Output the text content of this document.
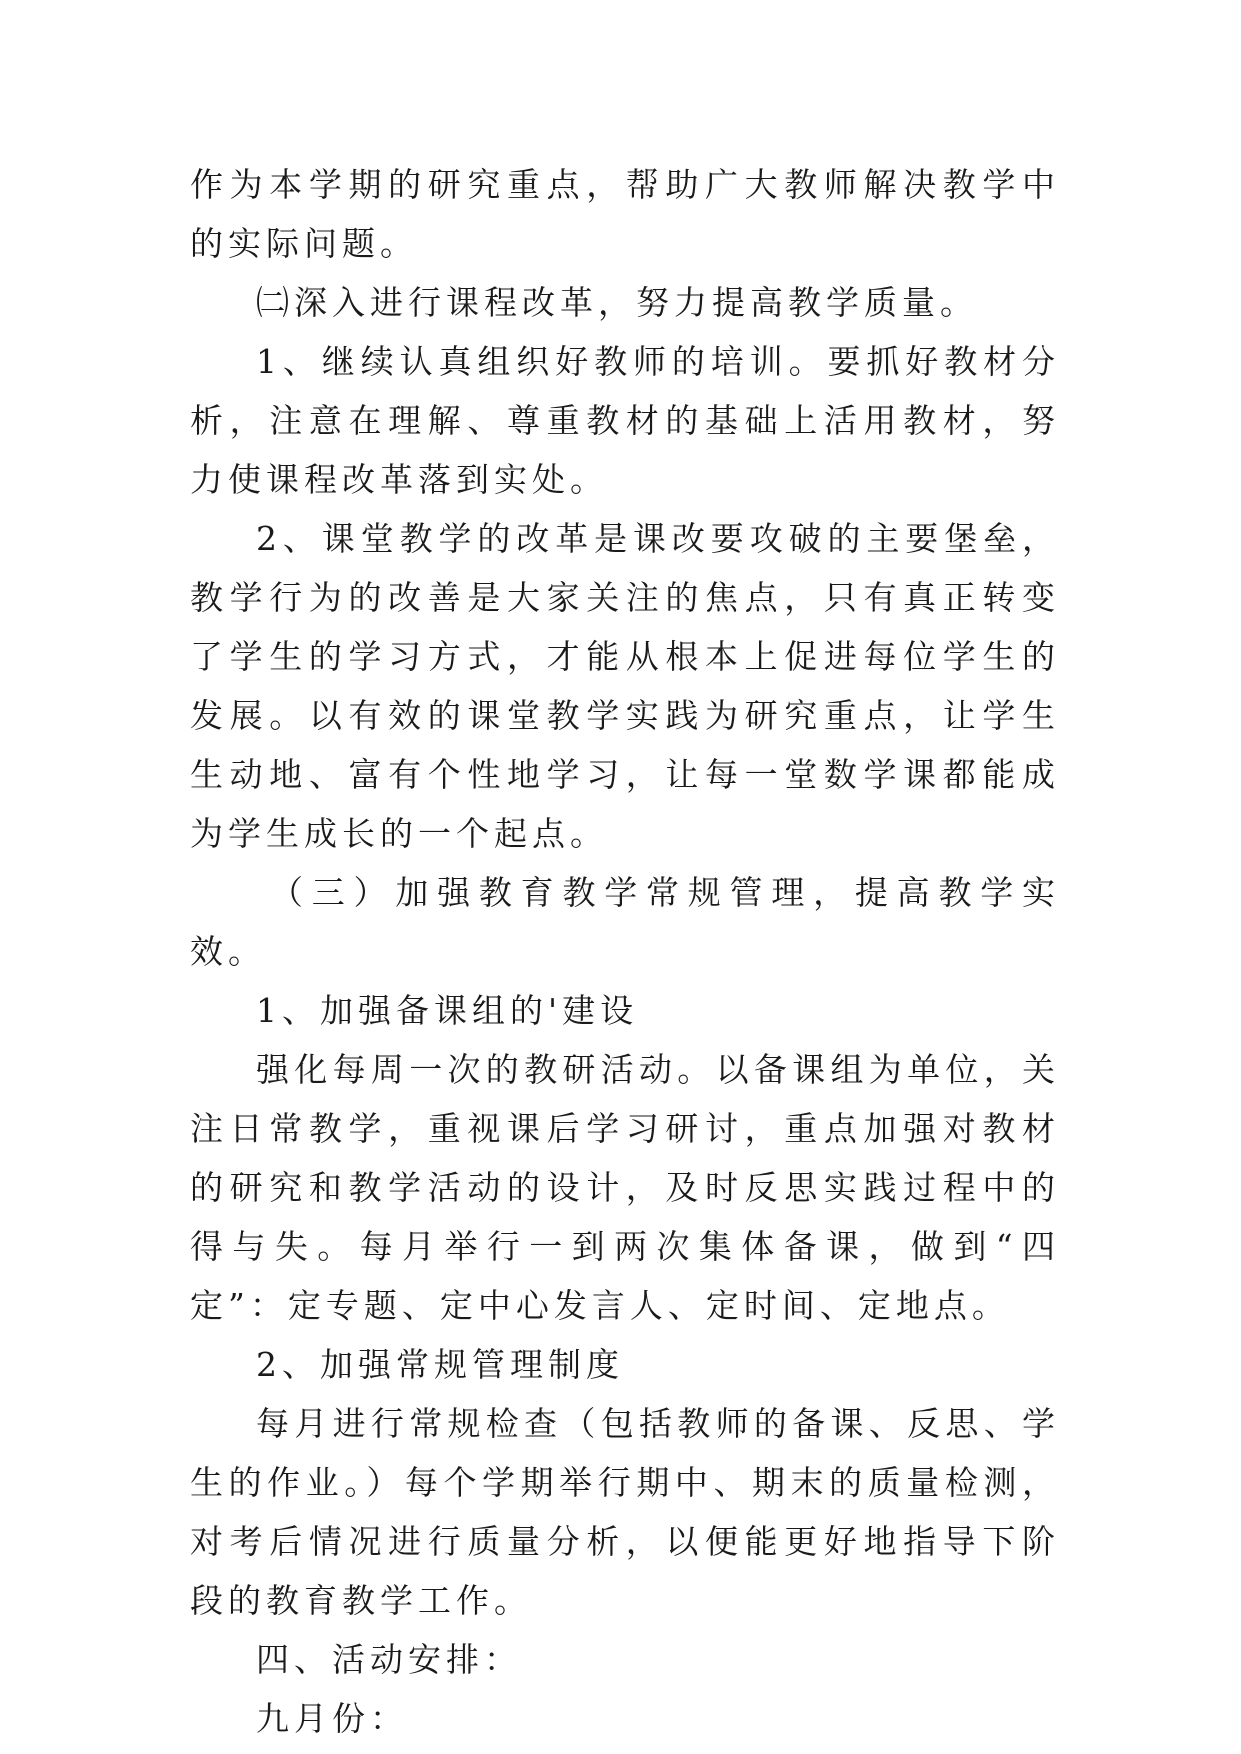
作为本学期的研究重点，帮助广大教师解决教学中的实际问题。

㈡深入进行课程改革，努力提高教学质量。

1、继续认真组织好教师的培训。要抓好教材分析，注意在理解、尊重教材的基础上活用教材，努力使课程改革落到实处。

2、课堂教学的改革是课改要攻破的主要堡垒，教学行为的改善是大家关注的焦点，只有真正转变了学生的学习方式，才能从根本上促进每位学生的发展。以有效的课堂教学实践为研究重点，让学生生动地、富有个性地学习，让每一堂数学课都能成为学生成长的一个起点。

（三）加强教育教学常规管理，提高教学实效。

1、加强备课组的'建设

强化每周一次的教研活动。以备课组为单位，关注日常教学，重视课后学习研讨，重点加强对教材的研究和教学活动的设计，及时反思实践过程中的得与失。每月举行一到两次集体备课，做到“四定”：定专题、定中心发言人、定时间、定地点。

2、加强常规管理制度

每月进行常规检查（包括教师的备课、反思、学生的作业。）每个学期举行期中、期末的质量检测，对考后情况进行质量分析，以便能更好地指导下阶段的教育教学工作。

四、活动安排：

九月份：
